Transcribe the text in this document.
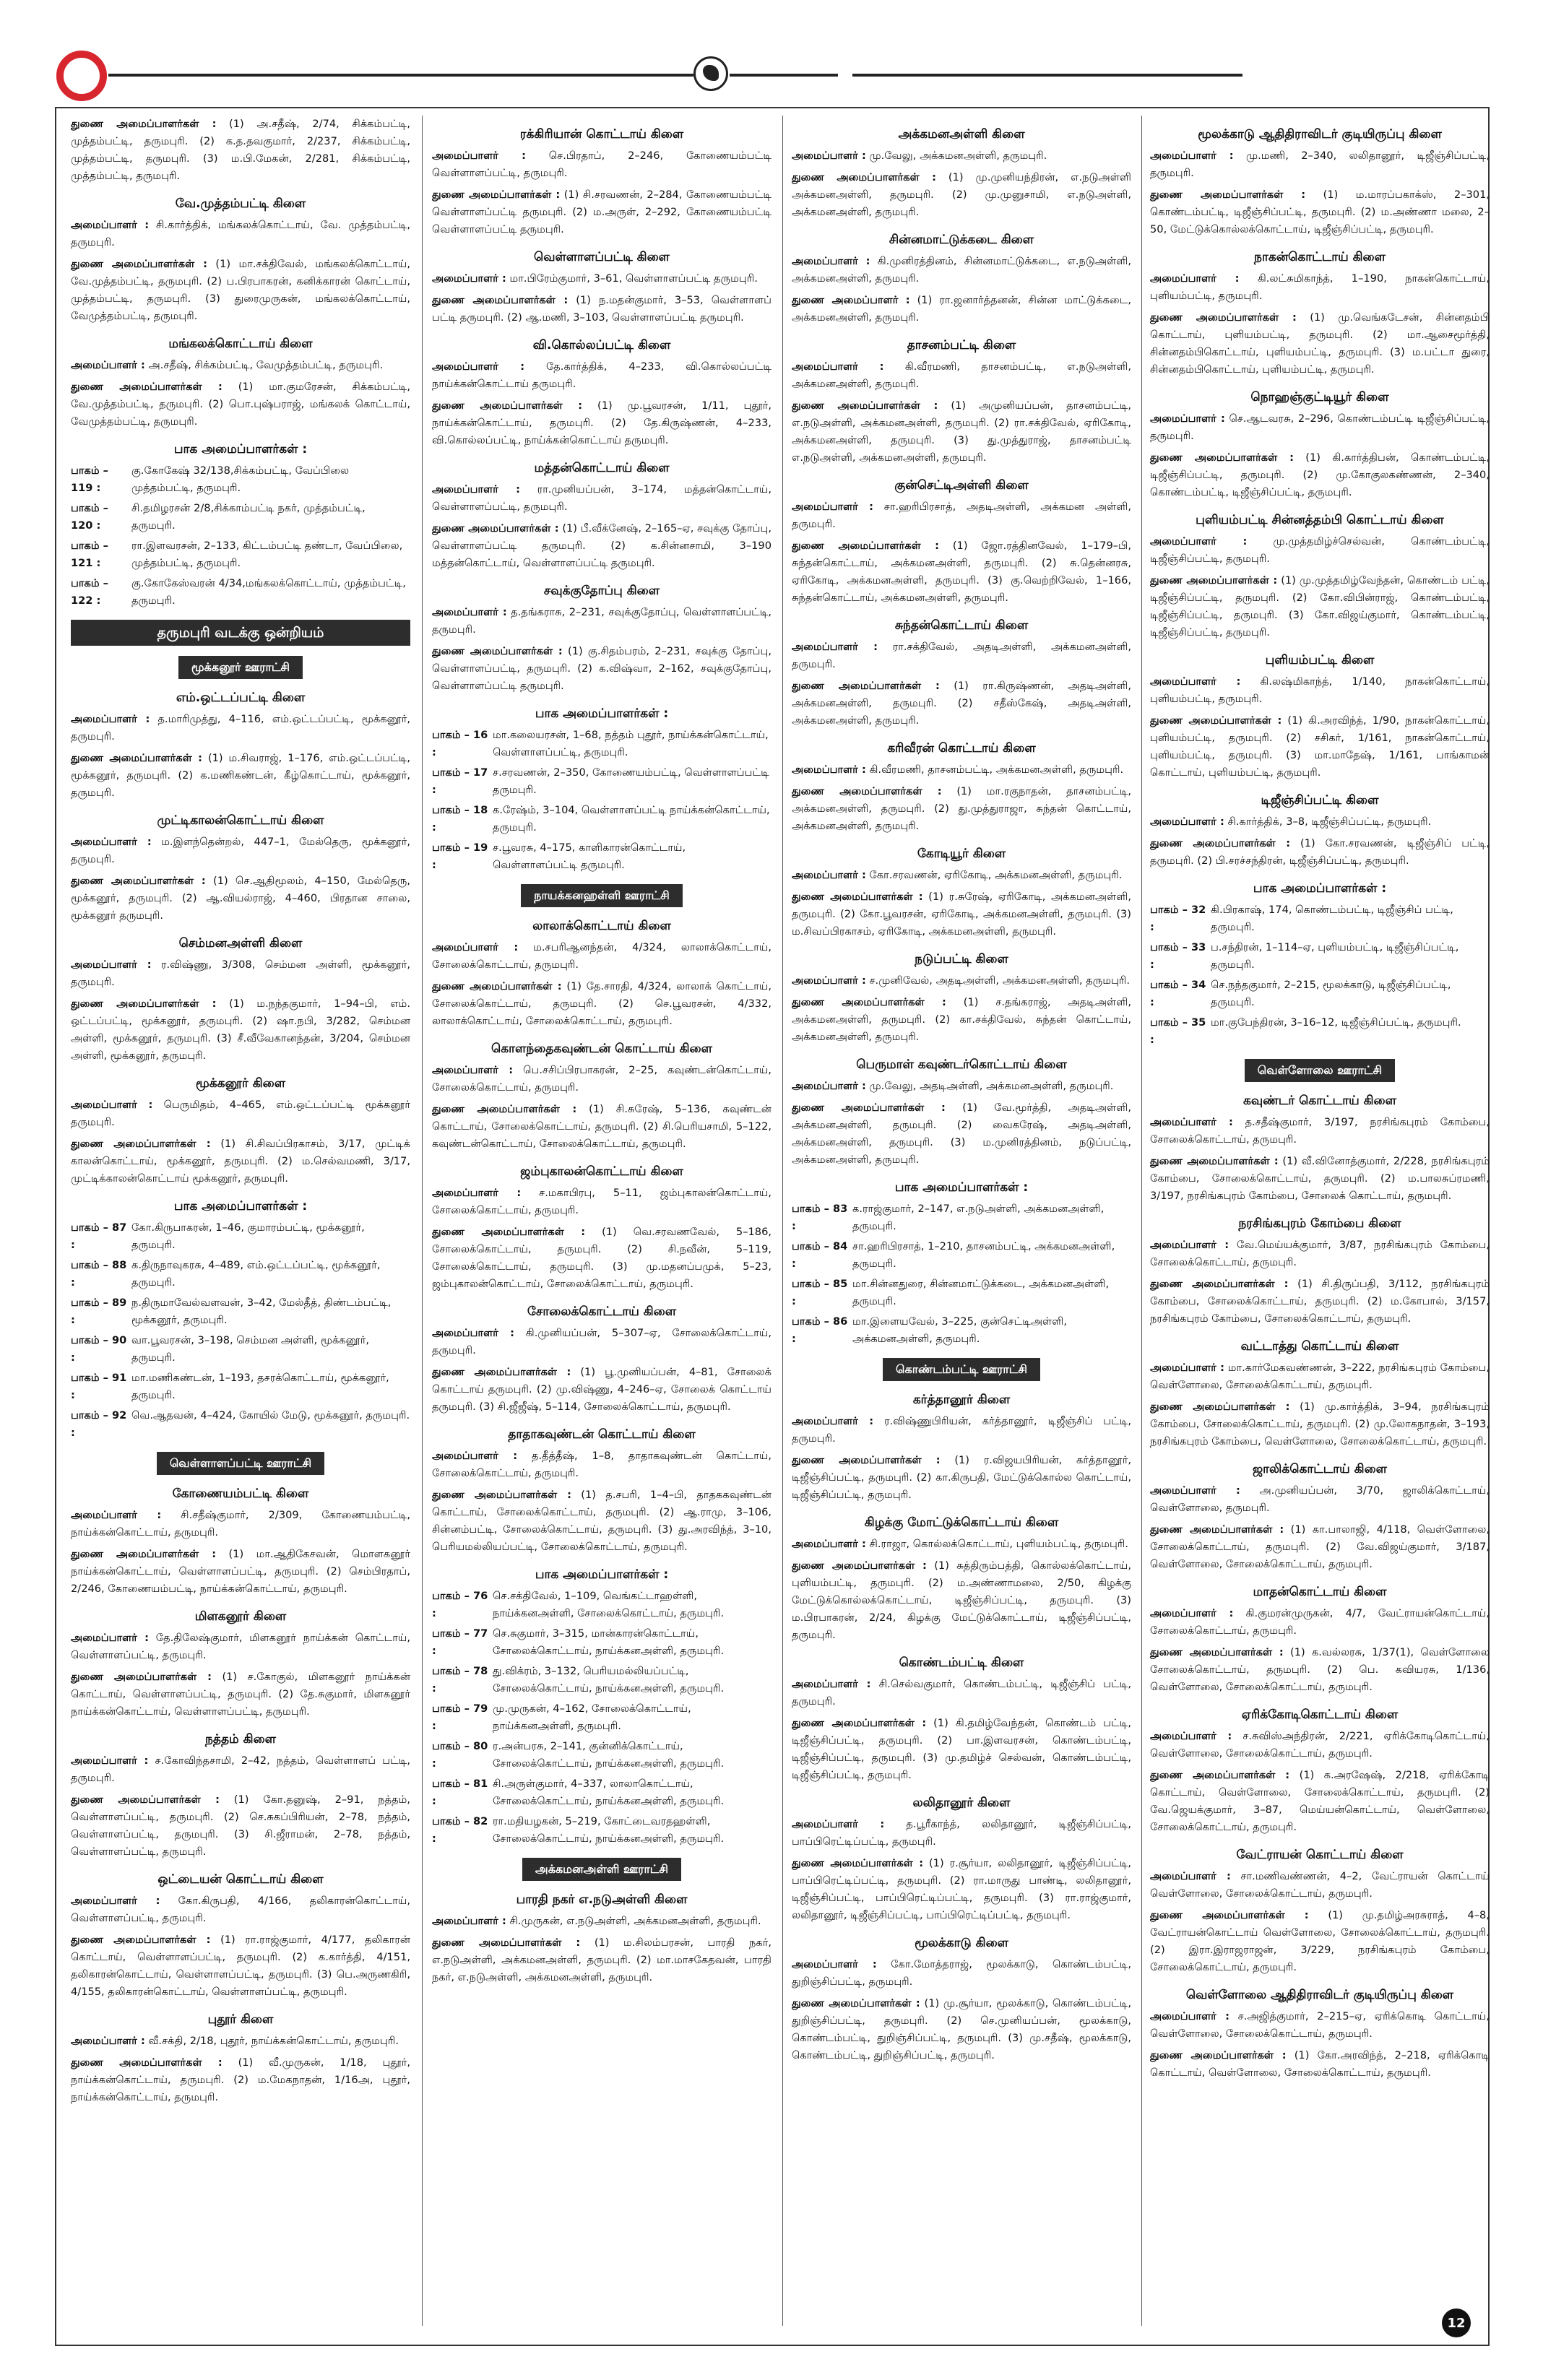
துணை அமைப்பாளர்கள் : (1) அ.சதீஷ், 2/74, சிக்கம்பட்டி, முத்தம்பட்டி, தருமபுரி. (2) க.த.தவகுமார், 2/237, சிக்கம்பட்டி, முத்தம்பட்டி, தருமபுரி. (3) ம.பி.மேகன், 2/281, சிக்கம்பட்டி, முத்தம்பட்டி, தருமபுரி.

வே.முத்தம்பட்டி கிளை

அமைப்பாளர் : சி.கார்த்திக், மங்கலக்கொட்டாய், வே. முத்தம்பட்டி, தருமபுரி.

துணை அமைப்பாளர்கள் : (1) மா.சக்திவேல், மங்கலக்கொட்டாய், வே.முத்தம்பட்டி, தருமபுரி. (2) ப.பிரபாகரன், கனிக்காரன் கொட்டாய், முத்தம்பட்டி, தருமபுரி. (3) துரைமுருகன், மங்கலக்கொட்டாய், வேமுத்தம்பட்டி, தருமபுரி.

மங்கலக்கொட்டாய் கிளை

அமைப்பாளர் : அ.சதீஷ், சிக்கம்பட்டி, வேமுத்தம்பட்டி, தருமபுரி.

துணை அமைப்பாளர்கள் : (1) மா.குமரேசன், சிக்கம்பட்டி, வே.முத்தம்பட்டி, தருமபுரி. (2) பொ.புஷ்பராஜ், மங்கலக் கொட்டாய், வேமுத்தம்பட்டி, தருமபுரி.

பாக அமைப்பாளர்கள் :
பாகம் – 119 :
கு.கோகேஷ் 32/138,சிக்கம்பட்டி, வேப்பிலை முத்தம்பட்டி, தருமபுரி.
பாகம் – 120 :
சி.தமிழரசன் 2/8,சிக்காம்பட்டி நகர், முத்தம்பட்டி, தருமபுரி.
பாகம் – 121 :
ரா.இளவரசன், 2–133, கிட்டம்பட்டி தண்டா, வேப்பிலை, முத்தம்பட்டி, தருமபுரி.
பாகம் – 122 :
கு.கோகேஸ்வரன் 4/34,மங்கலக்கொட்டாய், முத்தம்பட்டி, தருமபுரி.
தருமபுரி வடக்கு ஒன்றியம்
மூக்கனூர் ஊராட்சி
எம்.ஒட்டப்பட்டி கிளை

அமைப்பாளர் : த.மாரிமுத்து, 4–116, எம்.ஒட்டப்பட்டி, மூக்கனூர், தருமபுரி.

துணை அமைப்பாளர்கள் : (1) ம.சிவராஜ், 1–176, எம்.ஒட்டப்பட்டி, மூக்கனூர், தருமபுரி. (2) க.மணிகண்டன், கீழ்கொட்டாய், மூக்கனூர், தருமபுரி.

முட்டிகாலன்கொட்டாய் கிளை

அமைப்பாளர் : ம.இளந்தென்றல், 447–1, மேல்தெரு, மூக்கனூர், தருமபுரி.

துணை அமைப்பாளர்கள் : (1) செ.ஆதிமூலம், 4–150, மேல்தெரு, மூக்கனூர், தருமபுரி. (2) ஆ.வியல்ராஜ், 4–460, பிரதான சாலை, மூக்கனூர் தருமபுரி.

செம்மனஅள்ளி கிளை

அமைப்பாளர் : ர.விஷ்ணு, 3/308, செம்மன அள்ளி, மூக்கனூர், தருமபுரி.

துணை அமைப்பாளர்கள் : (1) ம.நந்தகுமார், 1–94–பி, எம். ஒட்டப்பட்டி, மூக்கனூர், தருமபுரி. (2) ஷா.நபி, 3/282, செம்மன அள்ளி, மூக்கனூர், தருமபுரி. (3) சீ.வீவேகானந்தன், 3/204, செம்மன அள்ளி, மூக்கனூர், தருமபுரி.

மூக்கனூர் கிளை

அமைப்பாளர் : பெருமிதம், 4–465, எம்.ஒட்டப்பட்டி மூக்கனூர் தருமபுரி.

துணை அமைப்பாளர்கள் : (1) சி.சிவப்பிரகாசம், 3/17, முட்டிக் காலன்கொட்டாய், மூக்கனூர், தருமபுரி. (2) ம.செல்வமணி, 3/17, முட்டிக்காலன்கொட்டாய் மூக்கனூர், தருமபுரி.

பாக அமைப்பாளர்கள் :
பாகம் – 87 :
கோ.கிருபாகரன், 1–46, குமாரம்பட்டி, மூக்கனூர், தருமபுரி.
பாகம் – 88 :
க.திருநாவுகரசு, 4–489, எம்.ஒட்டப்பட்டி, மூக்கனூர், தருமபுரி.
பாகம் – 89 :
ந.திருமாவேல்வளவன், 3–42, மேல்தீத், திண்டம்பட்டி, மூக்கனூர், தருமபுரி.
பாகம் – 90 :
வா.பூவரசன், 3–198, செம்மன அள்ளி, மூக்கனூர், தருமபுரி.
பாகம் – 91 :
மா.மணிகண்டன், 1–193, தசரக்கொட்டாய், மூக்கனூர், தருமபுரி.
பாகம் – 92 :
வெ.ஆதவன், 4–424, கோயில் மேடு, மூக்கனூர், தருமபுரி.
வெள்ளாளப்பட்டி ஊராட்சி
கோணையம்பட்டி கிளை

அமைப்பாளர் : சி.சதீஷ்குமார், 2/309, கோணையம்பட்டி, நாய்க்கன்கொட்டாய், தருமபுரி.

துணை அமைப்பாளர்கள் : (1) மா.ஆதிகேசவன், மொளகனூர் நாய்க்கன்கொட்டாய், வெள்ளாளப்பட்டி, தருமபுரி. (2) செம்பிரதாப், 2/246, கோணையம்பட்டி, நாய்க்கன்கொட்டாய், தருமபுரி.

மிளகனூர் கிளை

அமைப்பாளர் : தே.திலேஷ்குமார், மிளகனூர் நாய்க்கன் கொட்டாய், வெள்ளாளப்பட்டி, தருமபுரி.

துணை அமைப்பாளர்கள் : (1) ச.கோகுல், மிளகனூர் நாய்க்கன் கொட்டாய், வெள்ளாளப்பட்டி, தருமபுரி. (2) தே.சுகுமார், மிளகனூர் நாய்க்கன்கொட்டாய், வெள்ளாளப்பட்டி, தருமபுரி.

நத்தம் கிளை

அமைப்பாளர் : ச.கோவிந்தசாமி, 2–42, நத்தம், வெள்ளாளப் பட்டி, தருமபுரி.

துணை அமைப்பாளர்கள் : (1) கோ.தனுஷ், 2–91, நத்தம், வெள்ளாளப்பட்டி, தருமபுரி. (2) செ.சுகப்பிரியன், 2–78, நத்தம், வெள்ளாளப்பட்டி, தருமபுரி. (3) சி.ஜீராமன், 2–78, நத்தம், வெள்ளாளப்பட்டி, தருமபுரி.

ஒட்டையன் கொட்டாய் கிளை

அமைப்பாளர் : கோ.கிருபதி, 4/166, தலிகாரன்கொட்டாய், வெள்ளாளப்பட்டி, தருமபுரி.

துணை அமைப்பாளர்கள் : (1) ரா.ராஜ்குமார், 4/177, தலிகாரன் கொட்டாய், வெள்ளாளப்பட்டி, தருமபுரி. (2) க.கார்த்தி, 4/151, தலிகாரன்கொட்டாய், வெள்ளாளப்பட்டி, தருமபுரி. (3) பெ.அருணகிரி, 4/155, தலிகாரன்கொட்டாய், வெள்ளாளப்பட்டி, தருமபுரி.

புதூர் கிளை

அமைப்பாளர் : வீ.சக்தி, 2/18, புதூர், நாய்க்கன்கொட்டாய், தருமபுரி.

துணை அமைப்பாளர்கள் : (1) வீ.முருகன், 1/18, புதூர், நாய்க்கன்கொட்டாய், தருமபுரி. (2) ம.மேகநாதன், 1/16அ, புதூர், நாய்க்கன்கொட்டாய், தருமபுரி.

ரக்கிரியான் கொட்டாய் கிளை

அமைப்பாளர் : செ.பிரதாப், 2–246, கோணையம்பட்டி வெள்ளாளப்பட்டி, தருமபுரி.

துணை அமைப்பாளர்கள் : (1) சி.சரவணன், 2–284, கோணையம்பட்டி வெள்ளாளப்பட்டி தருமபுரி. (2) ம.அருள், 2–292, கோணையம்பட்டி வெள்ளாளப்பட்டி தருமபுரி.

வெள்ளாளப்பட்டி கிளை

அமைப்பாளர் : மா.பிரேம்குமார், 3–61, வெள்ளாளப்பட்டி தருமபுரி.

துணை அமைப்பாளர்கள் : (1) ந.மதன்குமார், 3–53, வெள்ளாளப் பட்டி தருமபுரி. (2) ஆ.மணி, 3–103, வெள்ளாளப்பட்டி தருமபுரி.

வி.கொல்லப்பட்டி கிளை

அமைப்பாளர் : தே.கார்த்திக், 4–233, வி.கொல்லப்பட்டி நாய்க்கன்கொட்டாய் தருமபுரி.

துணை அமைப்பாளர்கள் : (1) மு.பூவரசன், 1/11, புதூர், நாய்க்கன்கொட்டாய், தருமபுரி. (2) தே.கிருஷ்ணன், 4–233, வி.கொல்லப்பட்டி, நாய்க்கன்கொட்டாய் தருமபுரி.

மத்தன்கொட்டாய் கிளை

அமைப்பாளர் : ரா.முனியப்பன், 3–174, மத்தன்கொட்டாய், வெள்ளாளப்பட்டி, தருமபுரி.

துணை அமைப்பாளர்கள் : (1) பீ.வீக்னேஷ், 2–165–ஏ, சவுக்கு தோப்பு, வெள்ளாளப்பட்டி தருமபுரி. (2) க.சின்னசாமி, 3–190 மத்தன்கொட்டாய், வெள்ளாளப்பட்டி தருமபுரி.

சவுக்குதோப்பு கிளை

அமைப்பாளர் : த.தங்கராசு, 2–231, சவுக்குதோப்பு, வெள்ளாளப்பட்டி, தருமபுரி.

துணை அமைப்பாளர்கள் : (1) கு.சிதம்பரம், 2–231, சவுக்கு தோப்பு, வெள்ளாளப்பட்டி, தருமபுரி. (2) க.விஷ்வா, 2–162, சவுக்குதோப்பு, வெள்ளாளப்பட்டி தருமபுரி.

பாக அமைப்பாளர்கள் :
பாகம் – 16 :
மா.கலையரசன், 1–68, நத்தம் புதூர், நாய்க்கன்கொட்டாய், வெள்ளாளப்பட்டி, தருமபுரி.
பாகம் – 17 :
ச.சரவணன், 2–350, கோணையம்பட்டி, வெள்ளாளப்பட்டி தருமபுரி.
பாகம் – 18 :
க.ரேஷ்ம், 3–104, வெள்ளாளப்பட்டி நாய்க்கன்கொட்டாய், தருமபுரி.
பாகம் – 19 :
ச.பூவரசு, 4–175, காளிகாரன்கொட்டாய், வெள்ளாளப்பட்டி தருமபுரி.
நாயக்கனஹள்ளி ஊராட்சி
லாலாக்கொட்டாய் கிளை

அமைப்பாளர் : ம.சபரிஆனந்தன், 4/324, லாலாக்கொட்டாய், சோலைக்கொட்டாய், தருமபுரி.

துணை அமைப்பாளர்கள் : (1) தே.சாரதி, 4/324, லாலாக் கொட்டாய், சோலைக்கொட்டாய், தருமபுரி. (2) செ.பூவரசன், 4/332, லாலாக்கொட்டாய், சோலைக்கொட்டாய், தருமபுரி.

கொளந்தைகவுண்டன் கொட்டாய் கிளை

அமைப்பாளர் : பெ.சசிப்பிரபாகரன், 2–25, கவுண்டன்கொட்டாய், சோலைக்கொட்டாய், தருமபுரி.

துணை அமைப்பாளர்கள் : (1) சி.சுரேஷ், 5–136, கவுண்டன் கொட்டாய், சோலைக்கொட்டாய், தருமபுரி. (2) சி.பெரியசாமி, 5–122, கவுண்டன்கொட்டாய், சோலைக்கொட்டாய், தருமபுரி.

ஜம்புகாலன்கொட்டாய் கிளை

அமைப்பாளர் : ச.மகாபிரபு, 5–11, ஜம்புகாலன்கொட்டாய், சோலைக்கொட்டாய், தருமபுரி.

துணை அமைப்பாளர்கள் : (1) வெ.சரவணவேல், 5–186, சோலைக்கொட்டாய், தருமபுரி. (2) சி.நவீன், 5–119, சோலைக்கொட்டாய், தருமபுரி. (3) மு.மதனப்பமுக், 5–23, ஜம்புகாலன்கொட்டாய், சோலைக்கொட்டாய், தருமபுரி.

சோலைக்கொட்டாய் கிளை

அமைப்பாளர் : கி.முனியப்பன், 5–307–ஏ, சோலைக்கொட்டாய், தருமபுரி.

துணை அமைப்பாளர்கள் : (1) பூ.முனியப்பன், 4–81, சோலைக் கொட்டாய் தருமபுரி. (2) மு.விஷ்ணு, 4–246–ஏ, சோலைக் கொட்டாய் தருமபுரி. (3) சி.ஜீஜீஷ், 5–114, சோலைக்கொட்டாய், தருமபுரி.

தாதாகவுண்டன் கொட்டாய் கிளை

அமைப்பாளர் : த.தீத்தீஷ், 1–8, தாதாகவுண்டன் கொட்டாய், சோலைக்கொட்டாய், தருமபுரி.

துணை அமைப்பாளர்கள் : (1) த.சபரி, 1–4–பி, தாதககவுண்டன் கொட்டாய், சோலைக்கொட்டாய், தருமபுரி. (2) ஆ.ராமு, 3–106, சின்னம்பட்டி, சோலைக்கொட்டாய், தருமபுரி. (3) து.அரவிந்த், 3–10, பெரியமல்லியப்பட்டி, சோலைக்கொட்டாய், தருமபுரி.

பாக அமைப்பாளர்கள் :
பாகம் – 76 :
செ.சக்திவேல், 1–109, வெங்கட்டாஹள்ளி, நாய்க்கனஅள்ளி, சோலைக்கொட்டாய், தருமபுரி.
பாகம் – 77 :
செ.சுகுமார், 3–315, மான்காரன்கொட்டாய், சோலைக்கொட்டாய், நாய்க்கனஅள்ளி, தருமபுரி.
பாகம் – 78 :
து.விக்ரம், 3–132, பெரியமல்லியப்பட்டி, சோலைக்கொட்டாய், நாய்க்கனஅள்ளி, தருமபுரி.
பாகம் – 79 :
மு.முருகன், 4–162, சோலைக்கொட்டாய், நாய்க்கனஅள்ளி, தருமபுரி.
பாகம் – 80 :
ர.அன்பரசு, 2–141, குன்னிக்கொட்டாய், சோலைக்கொட்டாய், நாய்க்கனஅள்ளி, தருமபுரி.
பாகம் – 81 :
சி.அருள்குமார், 4–337, லாலாகொட்டாய், சோலைக்கொட்டாய், நாய்க்கனஅள்ளி, தருமபுரி.
பாகம் – 82 :
ரா.மதியழகன், 5–219, கோட்டைவரதஹள்ளி, சோலைக்கொட்டாய், நாய்க்கனஅள்ளி, தருமபுரி.
அக்கமனஅள்ளி ஊராட்சி
பாரதி நகர் எ.நடுஅள்ளி கிளை

அமைப்பாளர் : சி.முருகன், எ.நடுஅள்ளி, அக்கமனஅள்ளி, தருமபுரி.

துணை அமைப்பாளர்கள் : (1) ம.சிலம்பரசன், பாரதி நகர், எ.நடுஅள்ளி, அக்கமனஅள்ளி, தருமபுரி. (2) மா.மாசகேதவன், பாரதி நகர், எ.நடுஅள்ளி, அக்கமனஅள்ளி, தருமபுரி.

அக்கமனஅள்ளி கிளை

அமைப்பாளர் : மு.வேலு, அக்கமனஅள்ளி, தருமபுரி.

துணை அமைப்பாளர்கள் : (1) மு.முனியந்திரன், எ.நடுஅள்ளி அக்கமனஅள்ளி, தருமபுரி. (2) மு.முனுசாமி, எ.நடுஅள்ளி, அக்கமனஅள்ளி, தருமபுரி.

சின்னமாட்டுக்கடை கிளை

அமைப்பாளர் : கி.முனிரத்தினம், சின்னமாட்டுக்கடை, எ.நடுஅள்ளி, அக்கமனஅள்ளி, தருமபுரி.

துணை அமைப்பாளர் : (1) ரா.ஜனார்த்தனன், சின்ன மாட்டுக்கடை, அக்கமனஅள்ளி, தருமபுரி.

தாசனம்பட்டி கிளை

அமைப்பாளர் : கி.வீரமணி, தாசனம்பட்டி, எ.நடுஅள்ளி, அக்கமனஅள்ளி, தருமபுரி.

துணை அமைப்பாளர்கள் : (1) அமுனியப்பன், தாசனம்பட்டி, எ.நடுஅள்ளி, அக்கமனஅள்ளி, தருமபுரி. (2) ரா.சக்திவேல், ஏரிகோடி, அக்கமனஅள்ளி, தருமபுரி. (3) து.முத்துராஜ், தாசனம்பட்டி எ.நடுஅள்ளி, அக்கமனஅள்ளி, தருமபுரி.

குன்செட்டிஅள்ளி கிளை

அமைப்பாளர் : சா.ஹரிபிரசாத், அதடிஅள்ளி, அக்கமன அள்ளி, தருமபுரி.

துணை அமைப்பாளர்கள் : (1) ஜோ.ரத்தினவேல், 1–179–பி, சுந்தன்கொட்டாய், அக்கமனஅள்ளி, தருமபுரி. (2) சு.தென்னரசு, ஏரிகோடி, அக்கமனஅள்ளி, தருமபுரி. (3) கு.வெற்றிவேல், 1–166, சுந்தன்கொட்டாய், அக்கமனஅள்ளி, தருமபுரி.

சுந்தன்கொட்டாய் கிளை

அமைப்பாளர் : ரா.சக்திவேல், அதடிஅள்ளி, அக்கமனஅள்ளி, தருமபுரி.

துணை அமைப்பாளர்கள் : (1) ரா.கிருஷ்ணன், அதடிஅள்ளி, அக்கமனஅள்ளி, தருமபுரி. (2) சதீஸ்கேஷ், அதடிஅள்ளி, அக்கமனஅள்ளி, தருமபுரி.

கரிவீரன் கொட்டாய் கிளை

அமைப்பாளர் : கி.வீரமணி, தாசனம்பட்டி, அக்கமனஅள்ளி, தருமபுரி.

துணை அமைப்பாளர்கள் : (1) மா.ரகுநாதன், தாசனம்பட்டி, அக்கமனஅள்ளி, தருமபுரி. (2) து.முத்துராஜா, சுந்தன் கொட்டாய், அக்கமனஅள்ளி, தருமபுரி.

கோடியூர் கிளை

அமைப்பாளர் : கோ.சரவணன், ஏரிகோடி, அக்கமனஅள்ளி, தருமபுரி.

துணை அமைப்பாளர்கள் : (1) ர.சுரேஷ், ஏரிகோடி, அக்கமனஅள்ளி, தருமபுரி. (2) கோ.பூவரசன், ஏரிகோடி, அக்கமனஅள்ளி, தருமபுரி. (3) ம.சிவப்பிரகாசம், ஏரிகோடி, அக்கமனஅள்ளி, தருமபுரி.

நடுப்பட்டி கிளை

அமைப்பாளர் : ச.முனிவேல், அதடிஅள்ளி, அக்கமனஅள்ளி, தருமபுரி.

துணை அமைப்பாளர்கள் : (1) ச.தங்கராஜ், அதடிஅள்ளி, அக்கமனஅள்ளி, தருமபுரி. (2) கா.சக்திவேல், சுந்தன் கொட்டாய், அக்கமனஅள்ளி, தருமபுரி.

பெருமாள் கவுண்டர்கொட்டாய் கிளை

அமைப்பாளர் : மு.வேலு, அதடிஅள்ளி, அக்கமனஅள்ளி, தருமபுரி.

துணை அமைப்பாளர்கள் : (1) வே.மூர்த்தி, அதடிஅள்ளி, அக்கமனஅள்ளி, தருமபுரி. (2) வைகரேஷ், அதடிஅள்ளி, அக்கமனஅள்ளி, தருமபுரி. (3) ம.முனிரத்தினம், நடுப்பட்டி, அக்கமனஅள்ளி, தருமபுரி.

பாக அமைப்பாளர்கள் :
பாகம் – 83 :
க.ராஜ்குமார், 2–147, எ.நடுஅள்ளி, அக்கமனஅள்ளி, தருமபுரி.
பாகம் – 84 :
சா.ஹரிபிரசாத், 1–210, தாசனம்பட்டி, அக்கமனஅள்ளி, தருமபுரி.
பாகம் – 85 :
மா.சின்னதுரை, சின்னமாட்டுக்கடை, அக்கமனஅள்ளி, தருமபுரி.
பாகம் – 86 :
மா.இளையவேல், 3–225, குன்செட்டிஅள்ளி, அக்கமனஅள்ளி, தருமபுரி.
கொண்டம்பட்டி ஊராட்சி
கர்த்தானூர் கிளை

அமைப்பாளர் : ர.விஷ்ணுபிரியன், கர்த்தானூர், டிஜீஞ்சிப் பட்டி, தருமபுரி.

துணை அமைப்பாளர்கள் : (1) ர.விஜயபிரியன், கர்த்தானூர், டிஜீஞ்சிப்பட்டி, தருமபுரி. (2) கா.கிருபதி, மேட்டுக்கொல்ல கொட்டாய், டிஜீஞ்சிப்பட்டி, தருமபுரி.

கிழக்கு மோட்டுக்கொட்டாய் கிளை

அமைப்பாளர் : சி.ராஜா, கொல்லக்கொட்டாய், புளியம்பட்டி, தருமபுரி.

துணை அமைப்பாளர்கள் : (1) சுத்திரும்பத்தி, கொல்லக்கொட்டாய், புளியம்பட்டி, தருமபுரி. (2) ம.அண்ணாமலை, 2/50, கிழக்கு மேட்டுக்கொல்லக்கொட்டாய், டிஜீஞ்சிப்பட்டி, தருமபுரி. (3) ம.பிரபாகரன், 2/24, கிழக்கு மேட்டுக்கொட்டாய், டிஜீஞ்சிப்பட்டி, தருமபுரி.

கொண்டம்பட்டி கிளை

அமைப்பாளர் : சி.செல்வகுமார், கொண்டம்பட்டி, டிஜீஞ்சிப் பட்டி, தருமபுரி.

துணை அமைப்பாளர்கள் : (1) கி.தமிழ்வேந்தன், கொண்டம் பட்டி, டிஜீஞ்சிப்பட்டி, தருமபுரி. (2) பா.இளவரசன், கொண்டம்பட்டி, டிஜீஞ்சிப்பட்டி, தருமபுரி. (3) மு.தமிழ்ச் செல்வன், கொண்டம்பட்டி, டிஜீஞ்சிப்பட்டி, தருமபுரி.

லலிதானூர் கிளை

அமைப்பாளர் : த.பூரீகாந்த், லலிதானூர், டிஜீஞ்சிப்பட்டி, பாப்பிரெட்டிப்பட்டி, தருமபுரி.

துணை அமைப்பாளர்கள் : (1) ர.சூர்யா, லலிதானூர், டிஜீஞ்சிப்பட்டி, பாப்பிரெட்டிப்பட்டி, தருமபுரி. (2) ரா.மாருது பாண்டி, லலிதானூர், டிஜீஞ்சிப்பட்டி, பாப்பிரெட்டிப்பட்டி, தருமபுரி. (3) ரா.ராஜ்குமார், லலிதானூர், டிஜீஞ்சிப்பட்டி, பாப்பிரெட்டிப்பட்டி, தருமபுரி.

மூலக்காடு கிளை

அமைப்பாளர் : கோ.மோத்தராஜ், மூலக்காடு, கொண்டம்பட்டி, துறிஞ்சிப்பட்டி, தருமபுரி.

துணை அமைப்பாளர்கள் : (1) மு.சூர்யா, மூலக்காடு, கொண்டம்பட்டி, துறிஞ்சிப்பட்டி, தருமபுரி. (2) செ.முனியப்பன், மூலக்காடு, கொண்டம்பட்டி, துறிஞ்சிப்பட்டி, தருமபுரி. (3) மு.சதீஷ், மூலக்காடு, கொண்டம்பட்டி, துறிஞ்சிப்பட்டி, தருமபுரி.

மூலக்காடு ஆதிதிராவிடர் குடியிருப்பு கிளை

அமைப்பாளர் : மு.மணி, 2–340, லலிதானூர், டிஜீஞ்சிப்பட்டி, தருமபுரி.

துணை அமைப்பாளர்கள் : (1) ம.மாரப்பகாக்ஸ், 2–301, கொண்டம்பட்டி, டிஜீஞ்சிப்பட்டி, தருமபுரி. (2) ம.அண்ணா மலை, 2–50, மேட்டுக்கொல்லக்கொட்டாய், டிஜீஞ்சிப்பட்டி, தருமபுரி.

நாகன்கொட்டாய் கிளை

அமைப்பாளர் : கி.லட்சுமிகாந்த், 1–190, நாகன்கொட்டாய், புளியம்பட்டி, தருமபுரி.

துணை அமைப்பாளர்கள் : (1) மு.வெங்கடேசன், சின்னதம்பி கொட்டாய், புளியம்பட்டி, தருமபுரி. (2) மா.ஆசைமூர்த்தி, சின்னதம்பிகொட்டாய், புளியம்பட்டி, தருமபுரி. (3) ம.பட்டா துரை, சின்னதம்பிகொட்டாய், புளியம்பட்டி, தருமபுரி.

நொஹஞ்குட்டியூர் கிளை

அமைப்பாளர் : செ.ஆடவரசு, 2–296, கொண்டம்பட்டி டிஜீஞ்சிப்பட்டி, தருமபுரி.

துணை அமைப்பாளர்கள் : (1) கி.கார்த்திபன், கொண்டம்பட்டி, டிஜீஞ்சிப்பட்டி, தருமபுரி. (2) மு.கோகுலகண்ணன், 2–340, கொண்டம்பட்டி, டிஜீஞ்சிப்பட்டி, தருமபுரி.

புளியம்பட்டி சின்னத்தம்பி கொட்டாய் கிளை

அமைப்பாளர் : மு.முத்தமிழ்ச்செல்வன், கொண்டம்பட்டி, டிஜீஞ்சிப்பட்டி, தருமபுரி.

துணை அமைப்பாளர்கள் : (1) மு.முத்தமிழ்வேந்தன், கொண்டம் பட்டி, டிஜீஞ்சிப்பட்டி, தருமபுரி. (2) கோ.விபின்ராஜ், கொண்டம்பட்டி, டிஜீஞ்சிப்பட்டி, தருமபுரி. (3) கோ.விஜய்குமார், கொண்டம்பட்டி, டிஜீஞ்சிப்பட்டி, தருமபுரி.

புளியம்பட்டி கிளை

அமைப்பாளர் : கி.லஷ்மிகாந்த், 1/140, நாகன்கொட்டாய், புளியம்பட்டி, தருமபுரி.

துணை அமைப்பாளர்கள் : (1) கி.அரவிந்த், 1/90, நாகன்கொட்டாய், புளியம்பட்டி, தருமபுரி. (2) சசிகர், 1/161, நாகன்கொட்டாய், புளியம்பட்டி, தருமபுரி. (3) மா.மாதேஷ், 1/161, பாங்காமன் கொட்டாய், புளியம்பட்டி, தருமபுரி.

டிஜீஞ்சிப்பட்டி கிளை

அமைப்பாளர் : சி.கார்த்திக், 3–8, டிஜீஞ்சிப்பட்டி, தருமபுரி.

துணை அமைப்பாளர்கள் : (1) கோ.சரவணன், டிஜீஞ்சிப் பட்டி, தருமபுரி. (2) பி.சரச்சந்திரன், டிஜீஞ்சிப்பட்டி, தருமபுரி.

பாக அமைப்பாளர்கள் :
பாகம் – 32 :
கி.பிரகாஷ், 174, கொண்டம்பட்டி, டிஜீஞ்சிப் பட்டி, தருமபுரி.
பாகம் – 33 :
ப.சந்திரன், 1–114–ஏ, புளியம்பட்டி, டிஜீஞ்சிப்பட்டி, தருமபுரி.
பாகம் – 34 :
செ.நந்தகுமார், 2–215, மூலக்காடு, டிஜீஞ்சிப்பட்டி, தருமபுரி.
பாகம் – 35 :
மா.குபேந்திரன், 3–16–12, டிஜீஞ்சிப்பட்டி, தருமபுரி.
வெள்ளோலை ஊராட்சி
கவுண்டர் கொட்டாய் கிளை

அமைப்பாளர் : த.சதீஷ்குமார், 3/197, நரசிங்கபுரம் கோம்பை, சோலைக்கொட்டாய், தருமபுரி.

துணை அமைப்பாளர்கள் : (1) வீ.வினோத்குமார், 2/228, நரசிங்கபுரம் கோம்பை, சோலைக்கொட்டாய், தருமபுரி. (2) ம.பாலசுப்ரமணி, 3/197, நரசிங்கபுரம் கோம்பை, சோலைக் கொட்டாய், தருமபுரி.

நரசிங்கபுரம் கோம்பை கிளை

அமைப்பாளர் : வே.மெய்யக்குமார், 3/87, நரசிங்கபுரம் கோம்பை, சோலைக்கொட்டாய், தருமபுரி.

துணை அமைப்பாளர்கள் : (1) சி.திருப்பதி, 3/112, நரசிங்கபுரம் கோம்பை, சோலைக்கொட்டாய், தருமபுரி. (2) ம.கோபால், 3/157, நரசிங்கபுரம் கோம்பை, சோலைக்கொட்டாய், தருமபுரி.

வட்டாத்து கொட்டாய் கிளை

அமைப்பாளர் : மா.கார்மேகவண்ணன், 3–222, நரசிங்கபுரம் கோம்பை, வெள்ளோலை, சோலைக்கொட்டாய், தருமபுரி.

துணை அமைப்பாளர்கள் : (1) மு.கார்த்திக், 3–94, நரசிங்கபுரம் கோம்பை, சோலைக்கொட்டாய், தருமபுரி. (2) மு.லோகநாதன், 3–193, நரசிங்கபுரம் கோம்பை, வெள்ளோலை, சோலைக்கொட்டாய், தருமபுரி.

ஜாலிக்கொட்டாய் கிளை

அமைப்பாளர் : அ.முனியப்பன், 3/70, ஜாலிக்கொட்டாய், வெள்ளோலை, தருமபுரி.

துணை அமைப்பாளர்கள் : (1) கா.பாலாஜி, 4/118, வெள்ளோலை, சோலைக்கொட்டாய், தருமபுரி. (2) வே.விஜய்குமார், 3/187, வெள்ளோலை, சோலைக்கொட்டாய், தருமபுரி.

மாதன்கொட்டாய் கிளை

அமைப்பாளர் : கி.குமரன்முருகன், 4/7, வேட்ராயன்கொட்டாய், சோலைக்கொட்டாய், தருமபுரி.

துணை அமைப்பாளர்கள் : (1) க.வல்லரசு, 1/37(1), வெள்ளோலை சோலைக்கொட்டாய், தருமபுரி. (2) பெ. கவியரசு, 1/136, வெள்ளோலை, சோலைக்கொட்டாய், தருமபுரி.

ஏரிக்கோடிகொட்டாய் கிளை

அமைப்பாளர் : ச.சுவிஸ்அந்திரன், 2/221, ஏரிக்கோடிகொட்டாய், வெள்ளோலை, சோலைக்கொட்டாய், தருமபுரி.

துணை அமைப்பாளர்கள் : (1) க.அரஷேஷ், 2/218, ஏரிக்கோடி கொட்டாய், வெள்ளோலை, சோலைக்கொட்டாய், தருமபுரி. (2) வே.ஜெயக்குமார், 3–87, மெய்யன்கொட்டாய், வெள்ளோலை, சோலைக்கொட்டாய், தருமபுரி.

வேட்ராயன் கொட்டாய் கிளை

அமைப்பாளர் : சா.மணிவண்ணன், 4–2, வேட்ராயன் கொட்டாய் வெள்ளோலை, சோலைக்கொட்டாய், தருமபுரி.

துணை அமைப்பாளர்கள் : (1) மு.தமிழ்அரசுராத், 4–8, வேட்ராயன்கொட்டாய் வெள்ளோலை, சோலைக்கொட்டாய், தருமபுரி. (2) இரா.இராஜராஜன், 3/229, நரசிங்கபுரம் கோம்பை, சோலைக்கொட்டாய், தருமபுரி.

வெள்ளோலை ஆதிதிராவிடர் குடியிருப்பு கிளை

அமைப்பாளர் : ச.அஜித்குமார், 2–215–ஏ, ஏரிக்கொடி கொட்டாய், வெள்ளோலை, சோலைக்கொட்டாய், தருமபுரி.

துணை அமைப்பாளர்கள் : (1) கோ.அரவிந்த், 2–218, ஏரிக்கொடி கொட்டாய், வெள்ளோலை, சோலைக்கொட்டாய், தருமபுரி.

12
